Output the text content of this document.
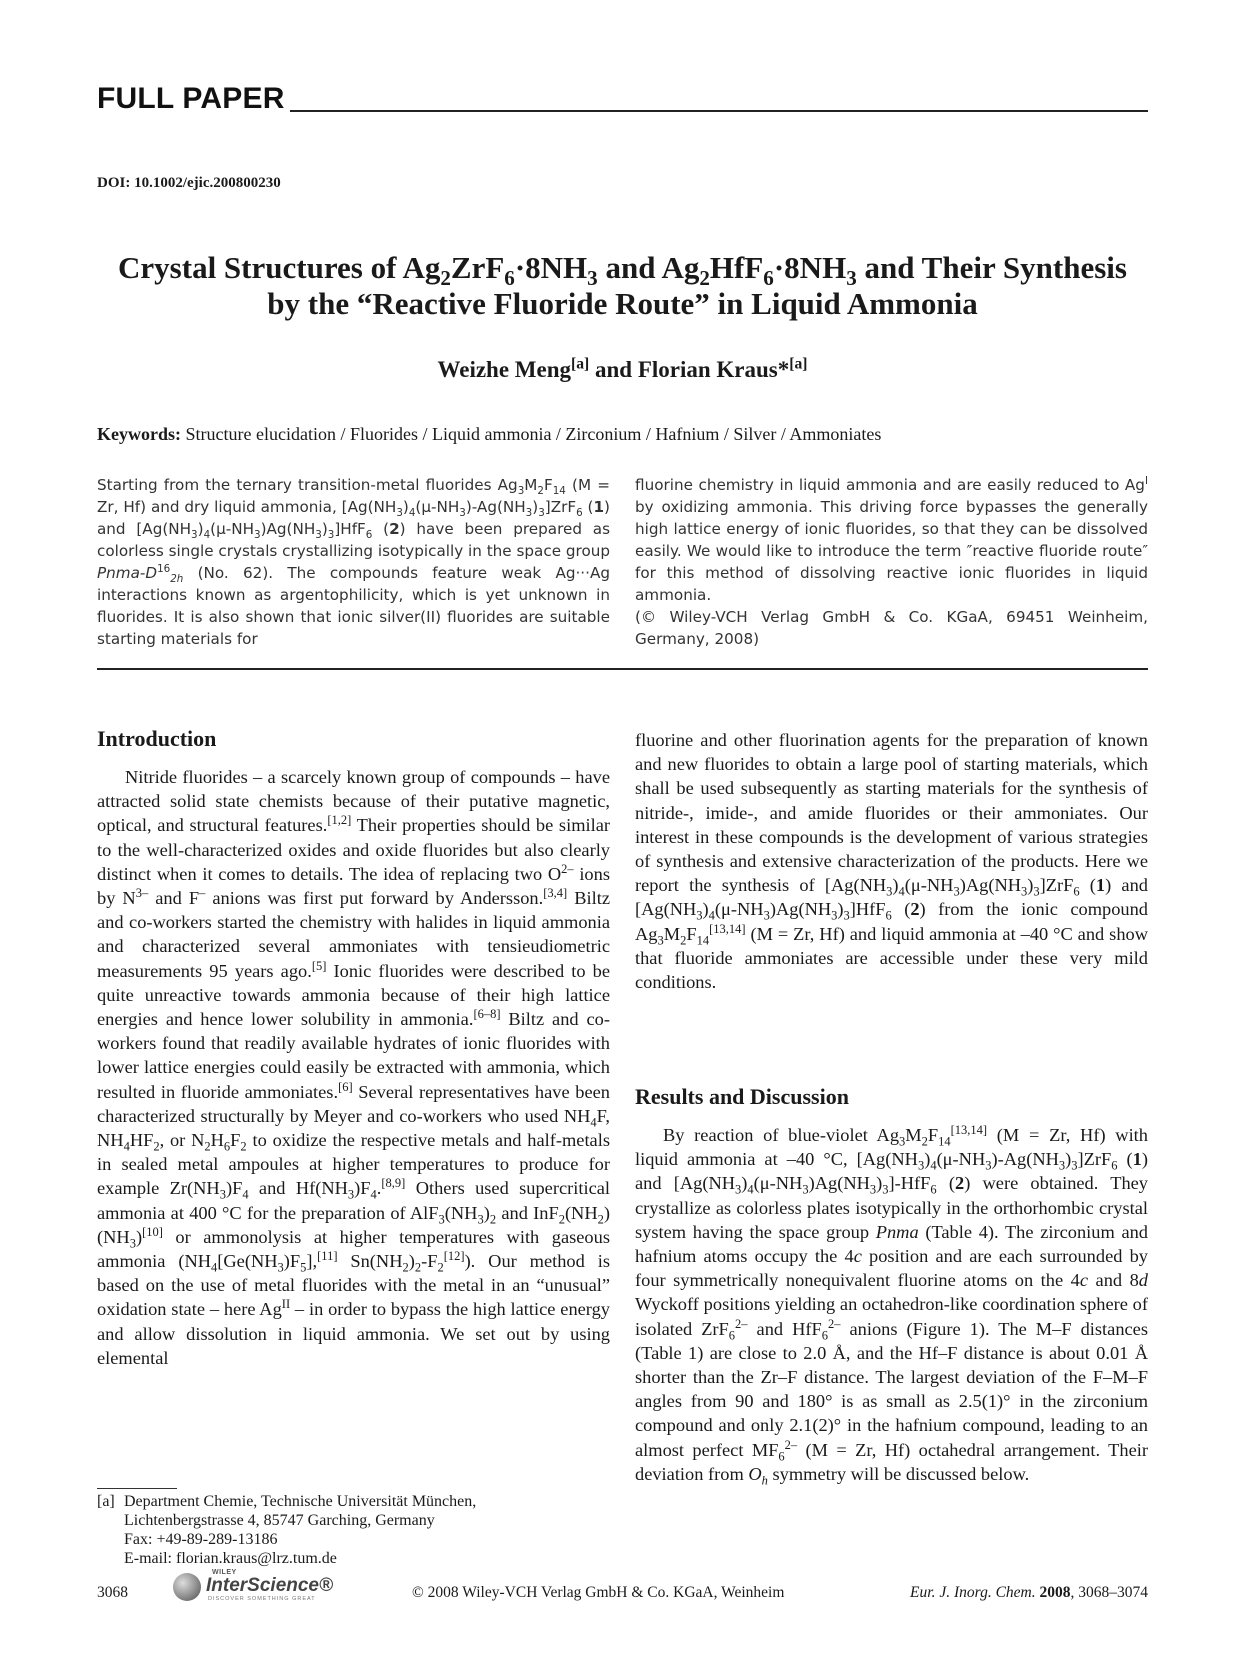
FULL PAPER
DOI: 10.1002/ejic.200800230
Crystal Structures of $Ag_2ZrF_6\cdot 8NH_3$ and $Ag_2HfF_6\cdot 8NH_3$ and Their Synthesis
by the “Reactive Fluoride Route” in Liquid Ammonia
Weizhe Meng[a] and Florian Kraus*[a]
Keywords: Structure elucidation / Fluorides / Liquid ammonia / Zirconium / Hafnium / Silver / Ammoniates
Starting from the ternary transition-metal fluorides $Ag_3M_2F_{14}$ (M = Zr, Hf) and dry liquid ammonia, $[Ag(NH_3)_4(\mu-NH_3)-Ag(NH_3)_3]ZrF_6$ (1) and $[Ag(NH_3)_4(\mu-NH_3)Ag(NH_3)_3]HfF_6$ (2) have been prepared as colorless single crystals crystallizing isotypically in the space group Pnma-$D^{16}_{2h}$ (No. 62). The compounds feature weak Ag···Ag interactions known as argentophilicity, which is yet unknown in fluorides. It is also shown that ionic silver(II) fluorides are suitable starting materials for
fluorine chemistry in liquid ammonia and are easily reduced to $Ag^I$ by oxidizing ammonia. This driving force bypasses the generally high lattice energy of ionic fluorides, so that they can be dissolved easily. We would like to introduce the term ″reactive fluoride route″ for this method of dissolving reactive ionic fluorides in liquid ammonia.
(© Wiley-VCH Verlag GmbH & Co. KGaA, 69451 Weinheim, Germany, 2008)
Introduction
Nitride fluorides – a scarcely known group of compounds – have attracted solid state chemists because of their putative magnetic, optical, and structural features.[1,2] Their properties should be similar to the well-characterized oxides and oxide fluorides but also clearly distinct when it comes to details. The idea of replacing two $O^{2-}$ ions by $N^{3-}$ and F– anions was first put forward by Andersson.[3,4] Biltz and co-workers started the chemistry with halides in liquid ammonia and characterized several ammoniates with tensieudiometric measurements 95 years ago.[5] Ionic fluorides were described to be quite unreactive towards ammonia because of their high lattice energies and hence lower solubility in ammonia.[6–8] Biltz and co-workers found that readily available hydrates of ionic fluorides with lower lattice energies could easily be extracted with ammonia, which resulted in fluoride ammoniates.[6] Several representatives have been characterized structurally by Meyer and co-workers who used $NH_4F$, $NH_4HF_2$, or $N_2H_6F_2$ to oxidize the respective metals and half-metals in sealed metal ampoules at higher temperatures to produce for example $Zr(NH_3)F_4$ and $Hf(NH_3)F_4.[8,9]$ Others used supercritical ammonia at 400 °C for the preparation of $AlF_3(NH_3)_2$ and $InF_2(NH_2)(NH_3)[10]$ or ammonolysis at higher temperatures with gaseous ammonia ($NH_4[Ge(NH_3)F_5],[11]$ $Sn(NH_2)_2-F_2[12]$). Our method is based on the use of metal fluorides with the metal in an “unusual” oxidation state – here $Ag^{II}$ – in order to bypass the high lattice energy and allow dissolution in liquid ammonia. We set out by using elemental
fluorine and other fluorination agents for the preparation of known and new fluorides to obtain a large pool of starting materials, which shall be used subsequently as starting materials for the synthesis of nitride-, imide-, and amide fluorides or their ammoniates. Our interest in these compounds is the development of various strategies of synthesis and extensive characterization of the products. Here we report the synthesis of $[Ag(NH_3)_4(\mu-NH_3)Ag(NH_3)_3]ZrF_6$ (1) and $[Ag(NH_3)_4(\mu-NH_3)Ag(NH_3)_3]HfF_6$ (2) from the ionic compound $Ag_3M_2F_{14}[13,14]$ (M = Zr, Hf) and liquid ammonia at –40 °C and show that fluoride ammoniates are accessible under these very mild conditions.
Results and Discussion
By reaction of blue-violet $Ag_3M_2F_{14}[13,14]$ (M = Zr, Hf) with liquid ammonia at –40 °C, $[Ag(NH_3)_4(\mu-NH_3)-Ag(NH_3)_3]ZrF_6$ (1) and $[Ag(NH_3)_4(\mu-NH_3)Ag(NH_3)_3]-HfF_6$ (2) were obtained. They crystallize as colorless plates isotypically in the orthorhombic crystal system having the space group Pnma (Table 4). The zirconium and hafnium atoms occupy the 4c position and are each surrounded by four symmetrically nonequivalent fluorine atoms on the 4c and 8d Wyckoff positions yielding an octahedron-like coordination sphere of isolated ZrF$_6^{2-}$ and HfF$_6^{2-}$ anions (Figure 1). The M–F distances (Table 1) are close to 2.0 Å, and the Hf–F distance is about 0.01 Å shorter than the Zr–F distance. The largest deviation of the F–M–F angles from 90 and 180° is as small as 2.5(1)° in the zirconium compound and only 2.1(2)° in the hafnium compound, leading to an almost perfect $MF_6^{2-}$ (M = Zr, Hf) octahedral arrangement. Their deviation from $O_h$ symmetry will be discussed below.
[a] Department Chemie, Technische Universität München,
Lichtenbergstrasse 4, 85747 Garching, Germany
Fax: +49-89-289-13186
E-mail: florian.kraus@lrz.tum.de
3068
WILEY
InterScience®
DISCOVER SOMETHING GREAT	© 2008 Wiley-VCH Verlag GmbH & Co. KGaA, Weinheim	Eur. J. Inorg. Chem. 2008, 3068–3074
